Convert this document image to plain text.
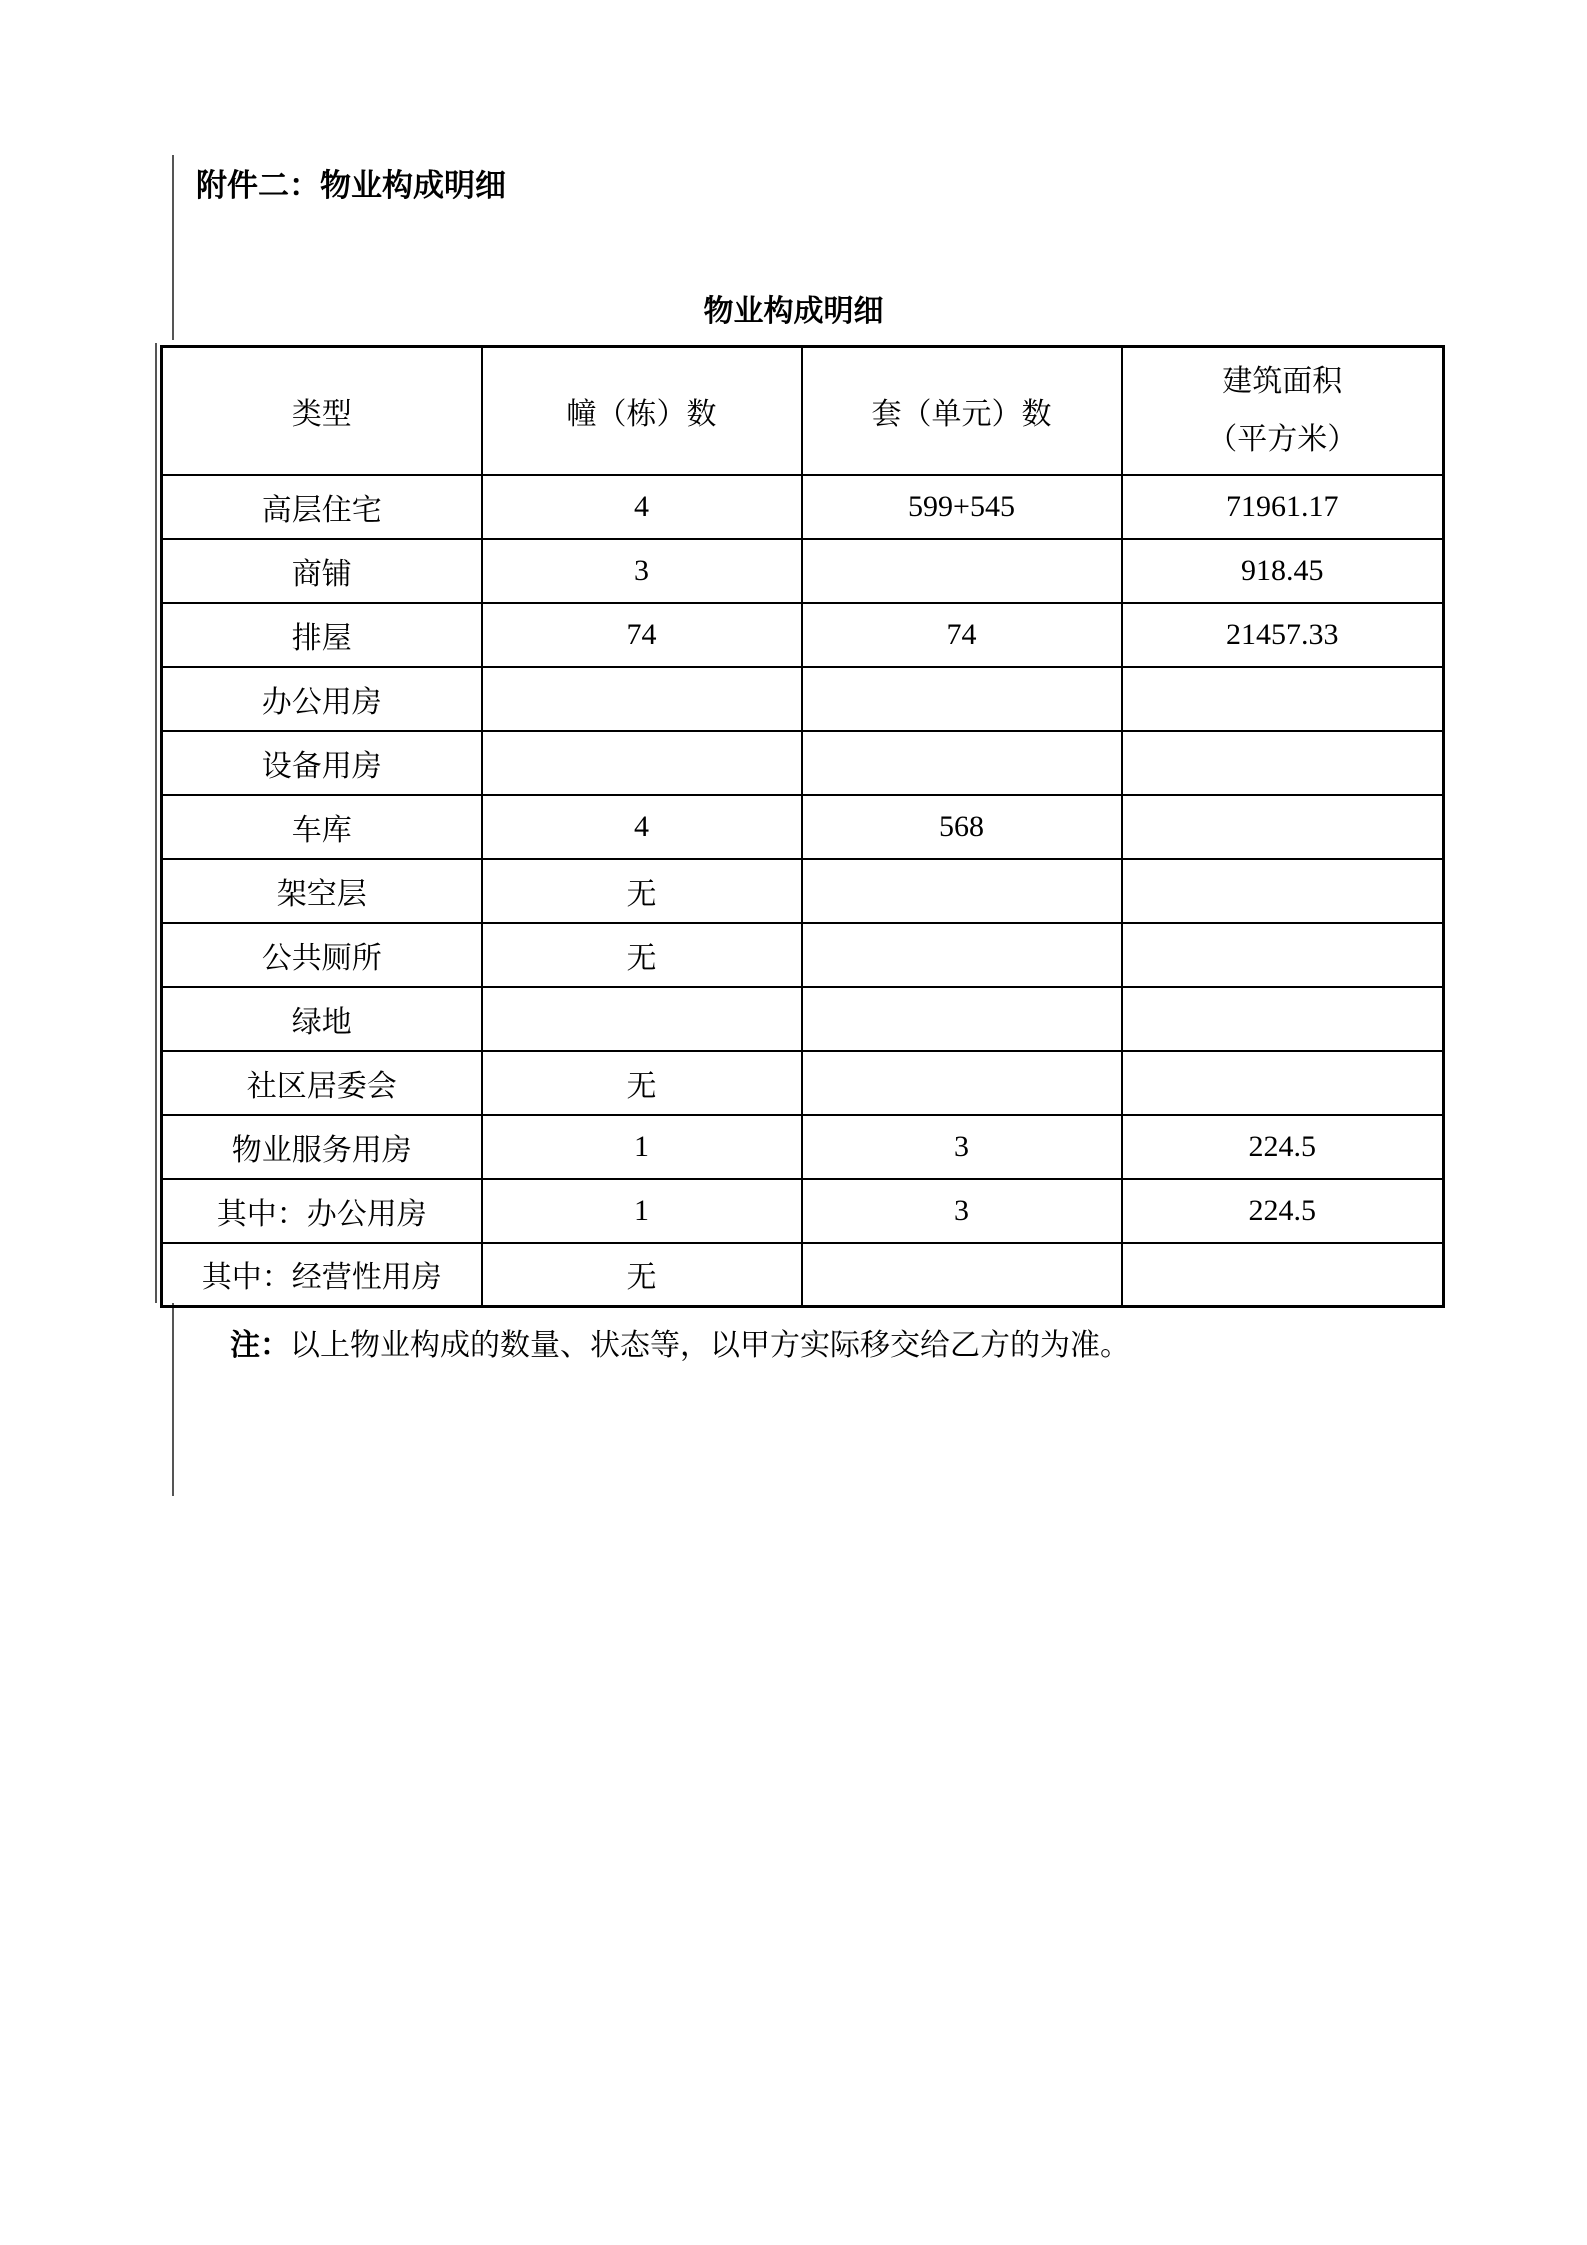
附件二：物业构成明细
物业构成明细
类型	幢（栋）数	套（单元）数	建筑面积
（平方米）

高层住宅	4	599+545	71961.17
商铺	3		918.45
排屋	74	74	21457.33
办公用房			
设备用房			
车库	4	568	
架空层	无		
公共厕所	无		
绿地			
社区居委会	无		
物业服务用房	1	3	224.5
其中：办公用房	1	3	224.5
其中：经营性用房	无		
注：以上物业构成的数量、状态等，以甲方实际移交给乙方的为准。
